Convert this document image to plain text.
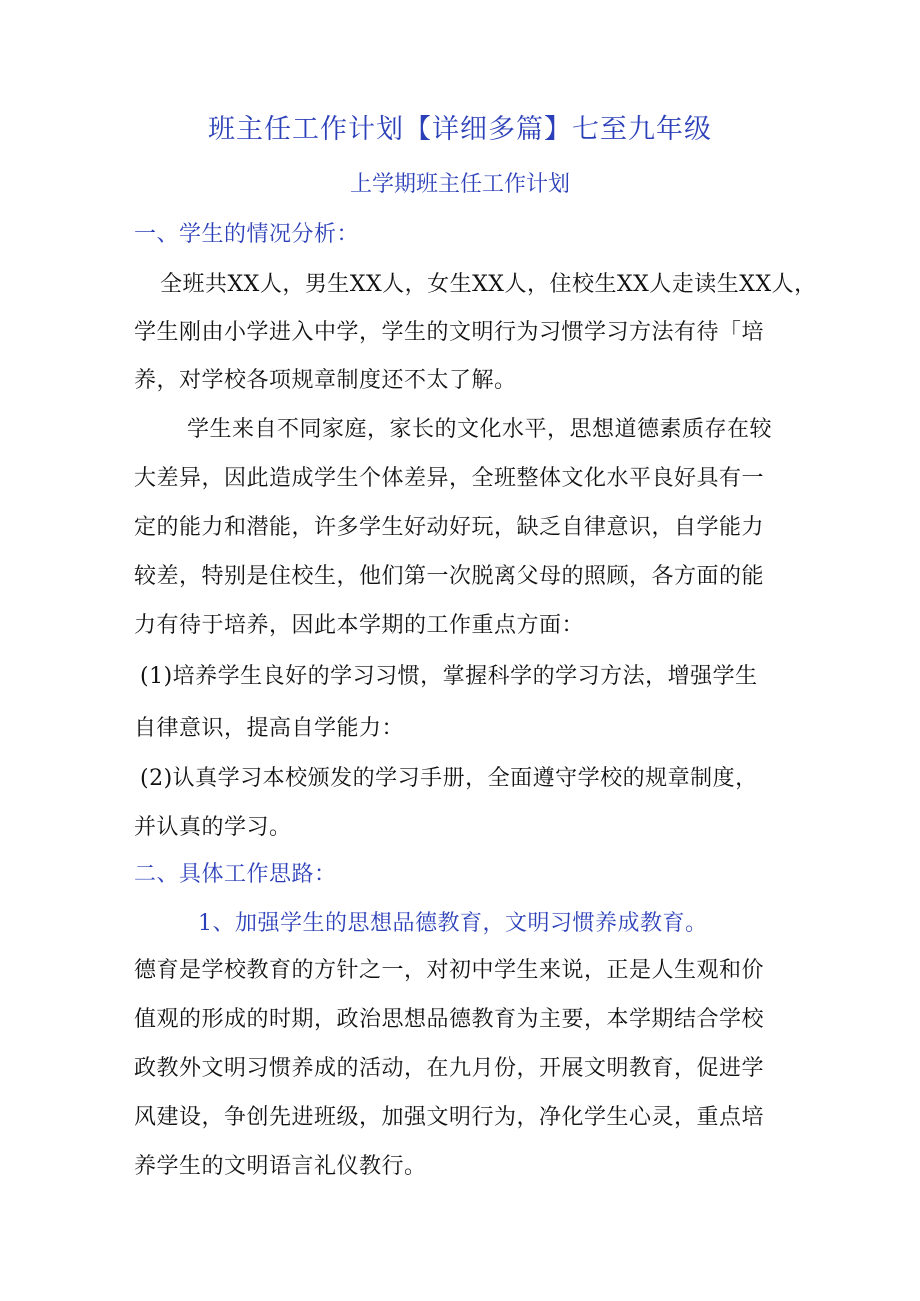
班主任工作计划【详细多篇】七至九年级
上学期班主任工作计划
一、学生的情况分析：
全班共XX人，男生XX人，女生XX人，住校生XX人走读生XX人，
学生刚由小学进入中学，学生的文明行为习惯学习方法有待「培
养，对学校各项规章制度还不太了解。
学生来自不同家庭，家长的文化水平，思想道德素质存在较
大差异，因此造成学生个体差异，全班整体文化水平良好具有一
定的能力和潜能，许多学生好动好玩，缺乏自律意识，自学能力
较差，特别是住校生，他们第一次脱离父母的照顾，各方面的能
力有待于培养，因此本学期的工作重点方面：
(1)培养学生良好的学习习惯，掌握科学的学习方法，增强学生
自律意识，提高自学能力：
(2)认真学习本校颁发的学习手册，全面遵守学校的规章制度，
并认真的学习。
二、具体工作思路：
1、加强学生的思想品德教育，文明习惯养成教育。
德育是学校教育的方针之一，对初中学生来说，正是人生观和价
值观的形成的时期，政治思想品德教育为主要，本学期结合学校
政教外文明习惯养成的活动，在九月份，开展文明教育，促进学
风建设，争创先进班级，加强文明行为，净化学生心灵，重点培
养学生的文明语言礼仪教行。
